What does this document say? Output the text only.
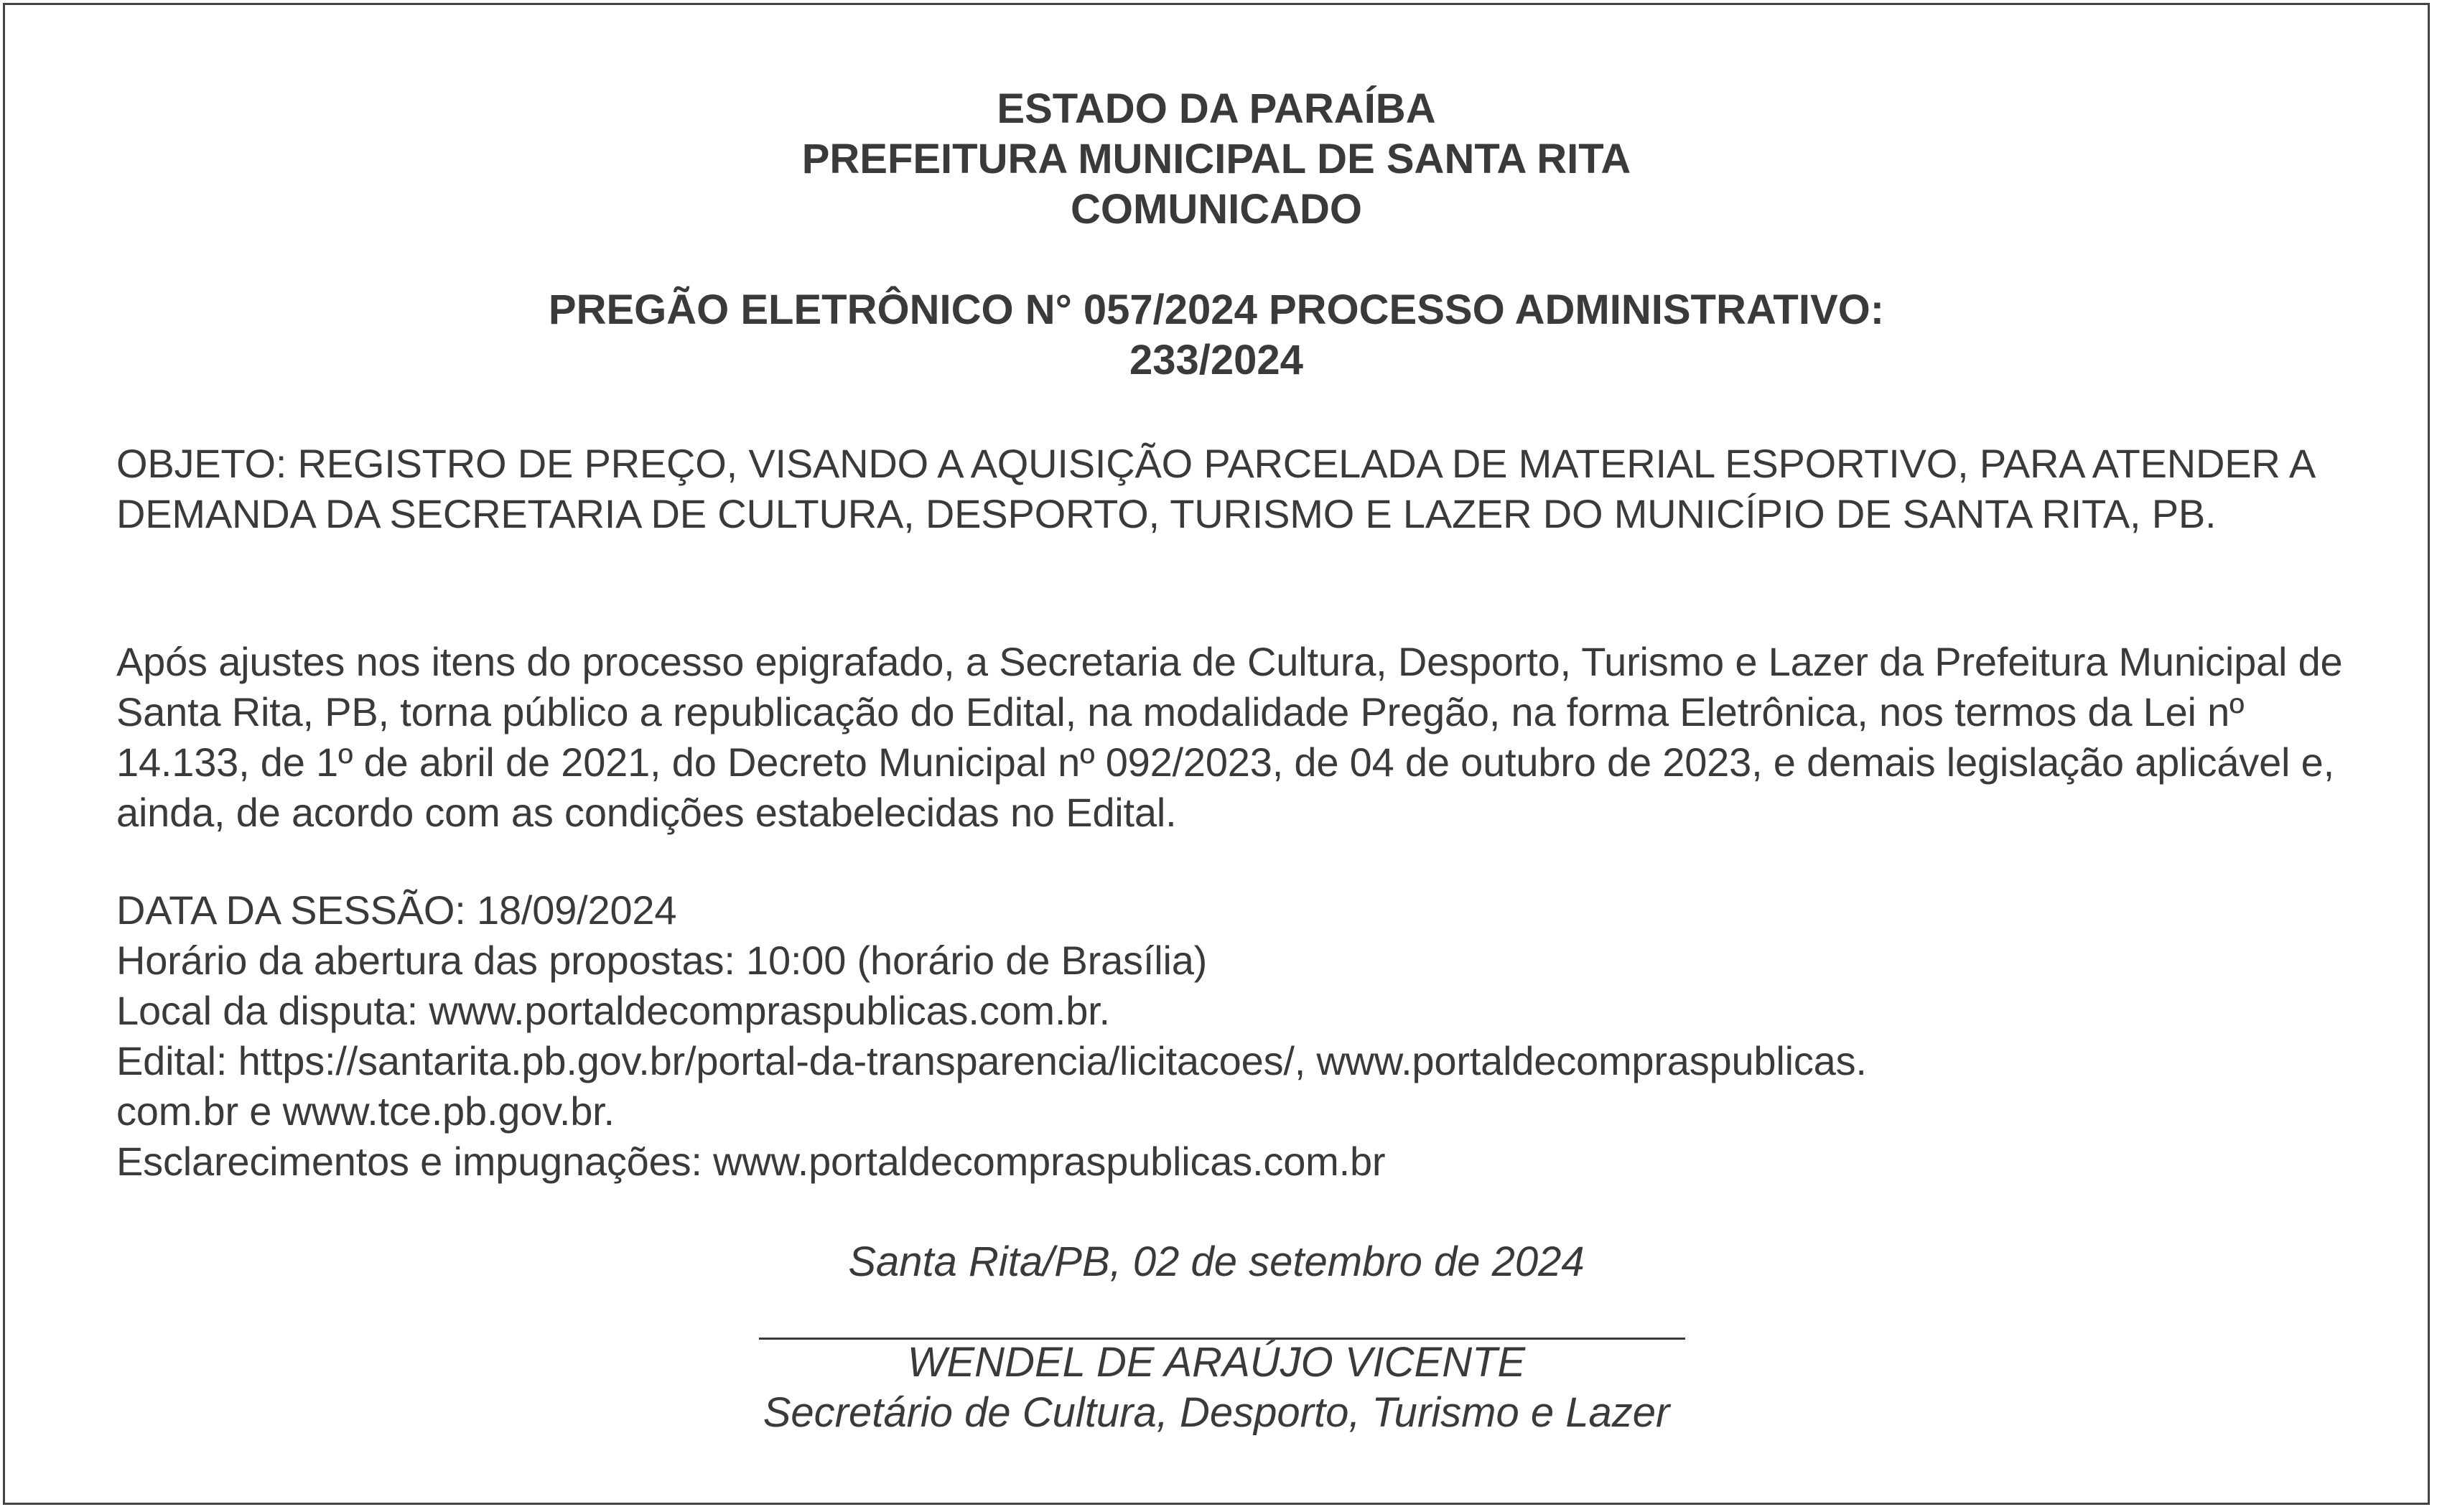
ESTADO DA PARAÍBA
PREFEITURA MUNICIPAL DE SANTA RITA
COMUNICADO
PREGÃO ELETRÔNICO N° 057/2024 PROCESSO ADMINISTRATIVO:
233/2024
OBJETO: REGISTRO DE PREÇO, VISANDO A AQUISIÇÃO PARCELADA DE MATERIAL ESPORTIVO, PARA ATENDER A DEMANDA DA SECRETARIA DE CULTURA, DESPORTO, TURISMO E LAZER DO MUNICÍPIO DE SANTA RITA, PB.
Após ajustes nos itens do processo epigrafado, a Secretaria de Cultura, Desporto, Turismo e Lazer da Prefeitura Municipal de Santa Rita, PB, torna público a republicação do Edital, na modalidade Pregão, na forma Eletrônica, nos termos da Lei nº 14.133, de 1º de abril de 2021, do Decreto Municipal nº 092/2023, de 04 de outubro de 2023, e demais legislação aplicável e, ainda, de acordo com as condições estabelecidas no Edital.
DATA DA SESSÃO: 18/09/2024
Horário da abertura das propostas: 10:00 (horário de Brasília)
Local da disputa: www.portaldecompraspublicas.com.br.
Edital: https://santarita.pb.gov.br/portal-da-transparencia/licitacoes/, www.portaldecompraspublicas.
com.br e www.tce.pb.gov.br.
Esclarecimentos e impugnações: www.portaldecompraspublicas.com.br
Santa Rita/PB, 02 de setembro de 2024
WENDEL DE ARAÚJO VICENTE
Secretário de Cultura, Desporto, Turismo e Lazer
